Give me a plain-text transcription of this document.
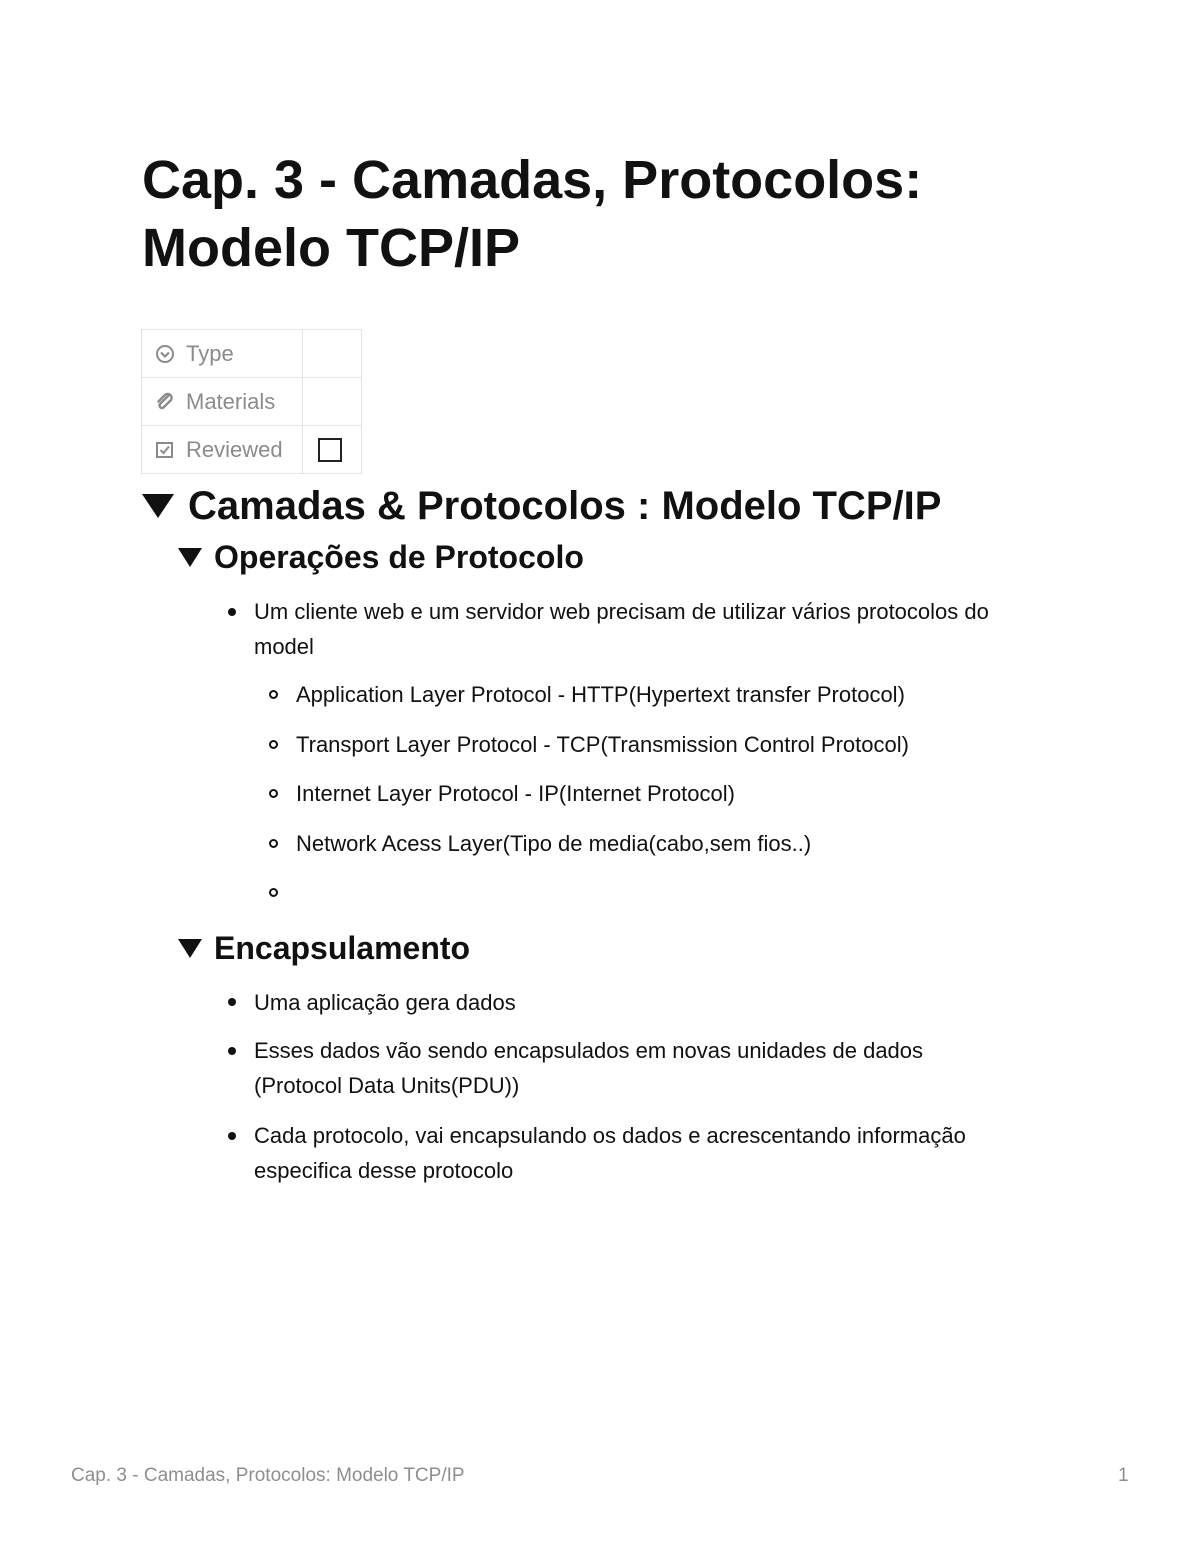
Cap. 3 - Camadas, Protocolos: Modelo TCP/IP
Type	

Materials	

Reviewed	

Camadas & Protocolos : Modelo TCP/IP
Operações de Protocolo
Um cliente web e um servidor web precisam de utilizar vários protocolos do model
Application Layer Protocol - HTTP(Hypertext transfer Protocol)
Transport Layer Protocol - TCP(Transmission Control Protocol)
Internet Layer Protocol - IP(Internet Protocol)
Network Acess Layer(Tipo de media(cabo,sem fios..)
Encapsulamento
Uma aplicação gera dados
Esses dados vão sendo encapsulados em novas unidades de dados (Protocol Data Units(PDU))
Cada protocolo, vai encapsulando os dados e acrescentando informação especifica desse protocolo
Cap. 3 - Camadas, Protocolos: Modelo TCP/IP	1
